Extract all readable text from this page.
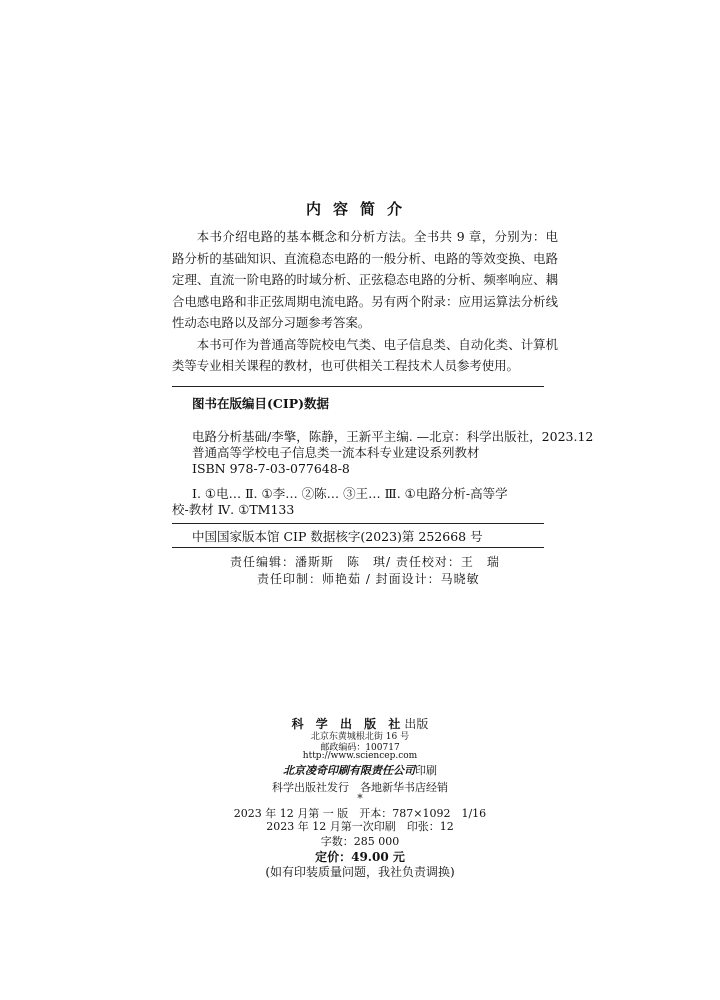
内容简介

本书介绍电路的基本概念和分析方法。全书共 9 章，分别为：电路分析的基础知识、直流稳态电路的一般分析、电路的等效变换、电路定理、直流一阶电路的时域分析、正弦稳态电路的分析、频率响应、耦合电感电路和非正弦周期电流电路。另有两个附录：应用运算法分析线性动态电路以及部分习题参考答案。

本书可作为普通高等院校电气类、电子信息类、自动化类、计算机类等专业相关课程的教材，也可供相关工程技术人员参考使用。

图书在版编目(CIP)数据
电路分析基础/李擎，陈静，王新平主编. —北京：科学出版社，2023.12
普通高等学校电子信息类一流本科专业建设系列教材
ISBN 978-7-03-077648-8
Ⅰ. ①电… Ⅱ. ①李… ②陈… ③王… Ⅲ. ①电路分析-高等学
校-教材 Ⅳ. ①TM133
中国国家版本馆 CIP 数据核字(2023)第 252668 号
责任编辑：潘斯斯　陈　琪/ 责任校对：王　瑞
责任印制：师艳茹 / 封面设计：马晓敏
科 学 出 版 社出版
北京东黄城根北街 16 号
邮政编码：100717
http://www.sciencep.com
北京凌奇印刷有限责任公司印刷
科学出版社发行　各地新华书店经销
*
2023 年 12 月第 一 版　开本：787×1092　1/16
2023 年 12 月第一次印刷　印张：12
字数：285 000
定价：49.00 元
(如有印装质量问题，我社负责调换)
